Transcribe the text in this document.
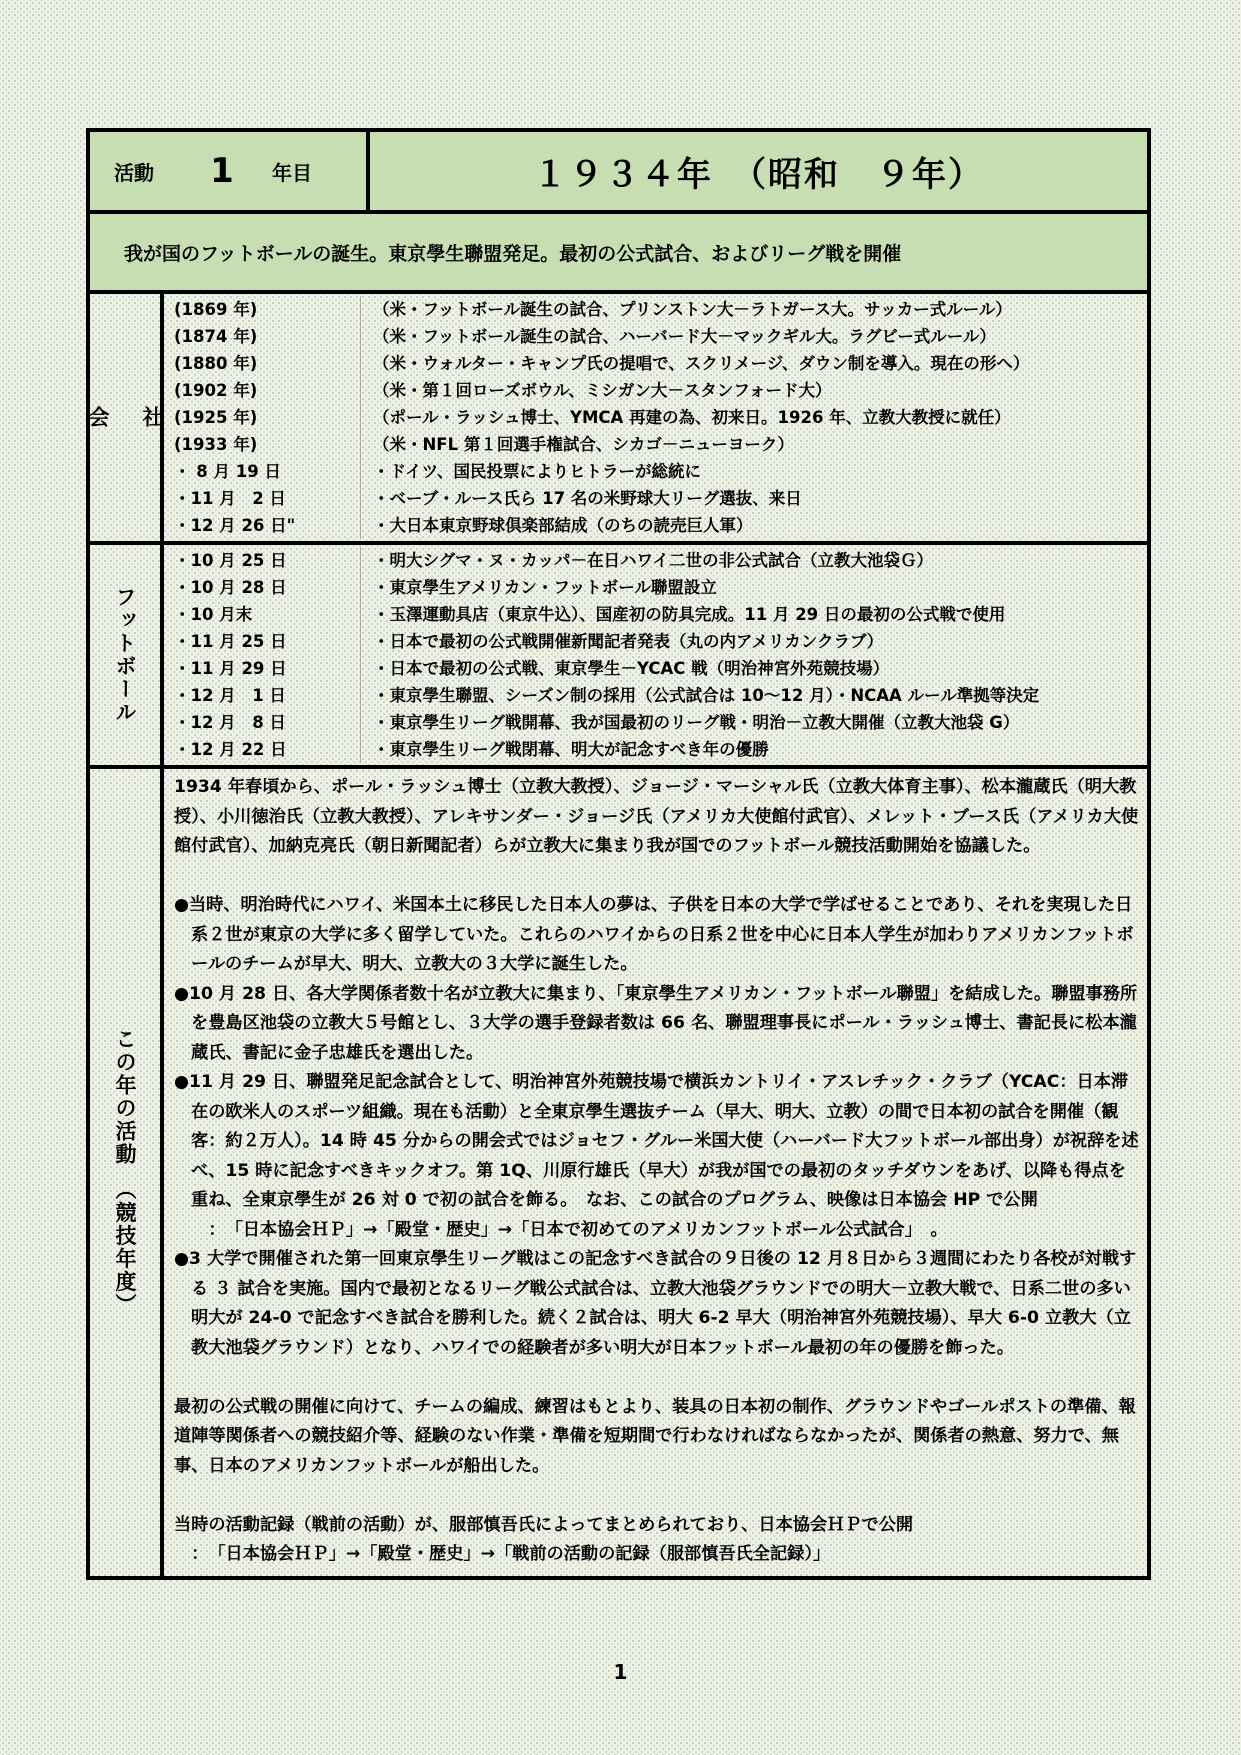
活動 1	年目	１９３４年　（昭和　９年）
我が国のフットボールの誕生。東京學生聯盟発足。最初の公式試合、およびリーグ戦を開催
社

会
(1869 年)	（米・フットボール誕生の試合、プリンストン大－ラトガース大。サッカー式ルール）
(1874 年)	（米・フットボール誕生の試合、ハーバード大－マックギル大。ラグビー式ルール）
(1880 年)	（米・ウォルター・キャンプ氏の提唱で、スクリメージ、ダウン制を導入。現在の形へ）
(1902 年)	（米・第１回ローズボウル、ミシガン大－スタンフォード大）
(1925 年)	（ポール・ラッシュ博士、YMCA 再建の為、初来日。1926 年、立教大教授に就任）
(1933 年)	（米・NFL 第１回選手権試合、シカゴ－ニューヨーク）
・ 8 月 19 日	・ドイツ、国民投票によりヒトラーが総統に
・11 月　2 日	・ベーブ・ルース氏ら 17 名の米野球大リーグ選抜、来日
・12 月 26 日"	・大日本東京野球倶楽部結成（のちの読売巨人軍）
フットボール
・10 月 25 日	・明大シグマ・ヌ・カッパ－在日ハワイ二世の非公式試合（立教大池袋Ｇ）
・10 月 28 日	・東京學生アメリカン・フットボール聯盟設立
・10 月末	・玉澤運動具店（東京牛込）、国産初の防具完成。11 月 29 日の最初の公式戦で使用
・11 月 25 日	・日本で最初の公式戦開催新聞記者発表（丸の内アメリカンクラブ）
・11 月 29 日	・日本で最初の公式戦、東京學生－YCAC 戦（明治神宮外苑競技場）
・12 月　1 日	・東京學生聯盟、シーズン制の採用（公式試合は 10～12 月）・NCAA ルール準拠等決定
・12 月　8 日	・東京學生リーグ戦開幕、我が国最初のリーグ戦・明治－立教大開催（立教大池袋 G）
・12 月 22 日	・東京學生リーグ戦閉幕、明大が記念すべき年の優勝
この年の活動　（競技年度）

1934 年春頃から、ポール・ラッシュ博士（立教大教授）、ジョージ・マーシャル氏（立教大体育主事）、松本瀧蔵氏（明大教授）、小川徳治氏（立教大教授）、アレキサンダー・ジョージ氏（アメリカ大使館付武官）、メレット・ブース氏（アメリカ大使館付武官）、加納克亮氏（朝日新聞記者）らが立教大に集まり我が国でのフットボール競技活動開始を協議した。

●当時、明治時代にハワイ、米国本土に移民した日本人の夢は、子供を日本の大学で学ばせることであり、それを実現した日系２世が東京の大学に多く留学していた。これらのハワイからの日系２世を中心に日本人学生が加わりアメリカンフットボールのチームが早大、明大、立教大の３大学に誕生した。

●10 月 28 日、各大学関係者数十名が立教大に集まり、「東京學生アメリカン・フットボール聯盟」を結成した。聯盟事務所を豊島区池袋の立教大５号館とし、３大学の選手登録者数は 66 名、聯盟理事長にポール・ラッシュ博士、書記長に松本瀧蔵氏、書記に金子忠雄氏を選出した。

●11 月 29 日、聯盟発足記念試合として、明治神宮外苑競技場で横浜カントリイ・アスレチック・クラブ（YCAC：日本滞在の欧米人のスポーツ組織。現在も活動）と全東京學生選抜チーム（早大、明大、立教）の間で日本初の試合を開催（観客：約２万人）。14 時 45 分からの開会式ではジョセフ・グルー米国大使（ハーバード大フットボール部出身）が祝辞を述べ、15 時に記念すべきキックオフ。第 1Q、川原行雄氏（早大）が我が国での最初のタッチダウンをあげ、以降も得点を重ね、全東京學生が 26 対 0 で初の試合を飾る。　なお、この試合のプログラム、映像は日本協会 HP で公開

　　：　「日本協会ＨＰ」→「殿堂・歴史」→「日本で初めてのアメリカンフットボール公式試合」　。

●3 大学で開催された第一回東京學生リーグ戦はこの記念すべき試合の９日後の 12 月８日から３週間にわたり各校が対戦する ３ 試合を実施。国内で最初となるリーグ戦公式試合は、立教大池袋グラウンドでの明大－立教大戦で、日系二世の多い明大が 24-0 で記念すべき試合を勝利した。続く２試合は、明大 6-2 早大（明治神宮外苑競技場）、早大 6-0 立教大（立教大池袋グラウンド）となり、ハワイでの経験者が多い明大が日本フットボール最初の年の優勝を飾った。

最初の公式戦の開催に向けて、チームの編成、練習はもとより、装具の日本初の制作、グラウンドやゴールポストの準備、報道陣等関係者への競技紹介等、経験のない作業・準備を短期間で行わなければならなかったが、関係者の熱意、努力で、無事、日本のアメリカンフットボールが船出した。

当時の活動記録（戦前の活動）が、服部慎吾氏によってまとめられており、日本協会ＨＰで公開

　：　「日本協会ＨＰ」→「殿堂・歴史」→「戦前の活動の記録（服部慎吾氏全記録）」

1
